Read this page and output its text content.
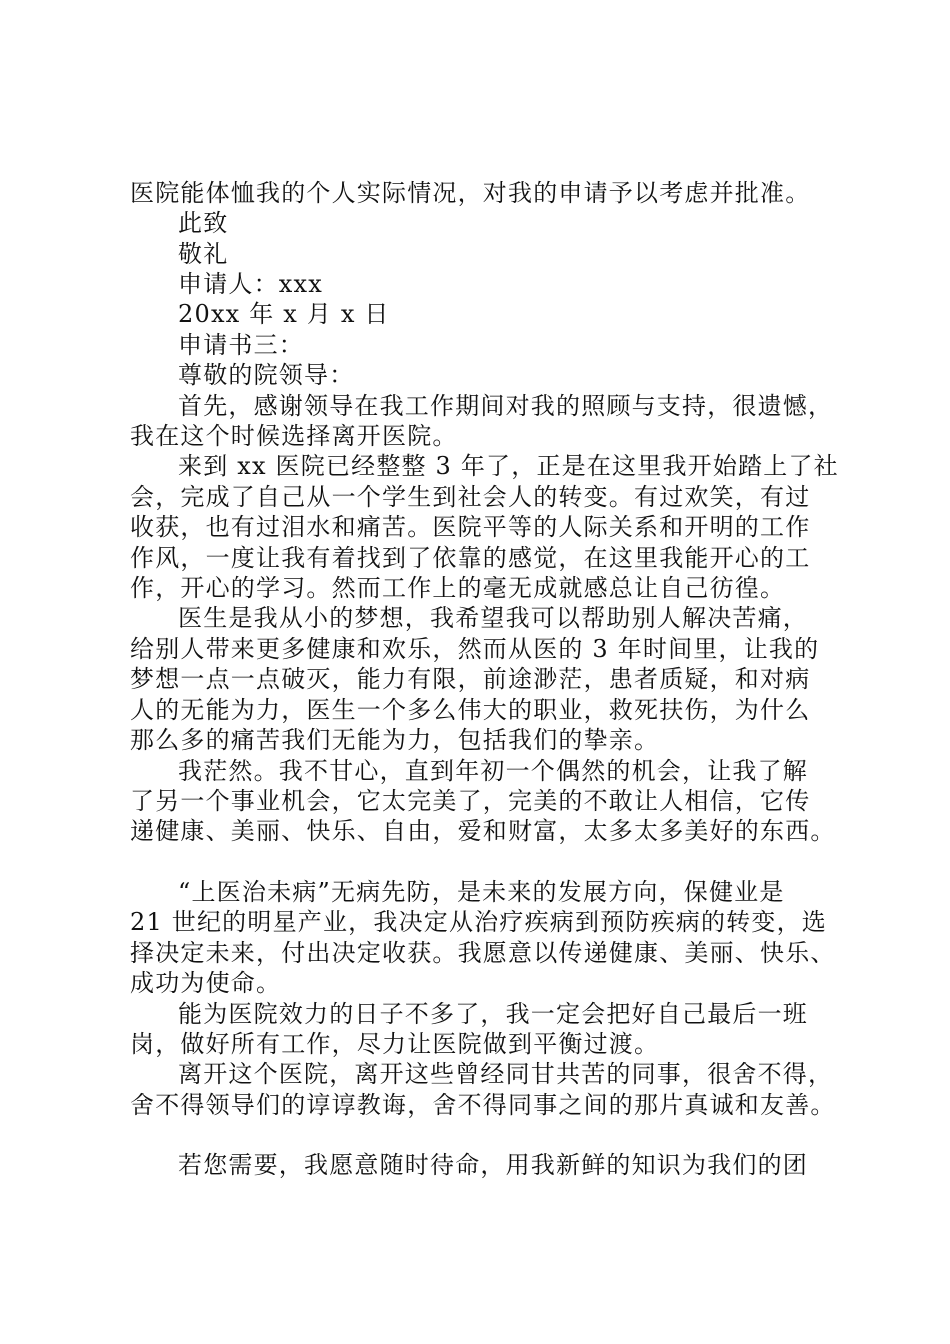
医院能体恤我的个人实际情况，对我的申请予以考虑并批准。
此致
敬礼
申请人：xxx
20xx 年 x 月 x 日
申请书三：
尊敬的院领导：
首先，感谢领导在我工作期间对我的照顾与支持，很遗憾，
我在这个时候选择离开医院。
来到 xx 医院已经整整 3 年了，正是在这里我开始踏上了社
会，完成了自己从一个学生到社会人的转变。有过欢笑，有过
收获，也有过泪水和痛苦。医院平等的人际关系和开明的工作
作风，一度让我有着找到了依靠的感觉，在这里我能开心的工
作，开心的学习。然而工作上的毫无成就感总让自己彷徨。
医生是我从小的梦想，我希望我可以帮助别人解决苦痛，
给别人带来更多健康和欢乐，然而从医的 3 年时间里，让我的
梦想一点一点破灭，能力有限，前途渺茫，患者质疑，和对病
人的无能为力，医生一个多么伟大的职业，救死扶伤，为什么
那么多的痛苦我们无能为力，包括我们的挚亲。
我茫然。我不甘心，直到年初一个偶然的机会，让我了解
了另一个事业机会，它太完美了，完美的不敢让人相信，它传
递健康、美丽、快乐、自由，爱和财富，太多太多美好的东西。
“上医治未病”无病先防，是未来的发展方向，保健业是
21 世纪的明星产业，我决定从治疗疾病到预防疾病的转变，选
择决定未来，付出决定收获。我愿意以传递健康、美丽、快乐、
成功为使命。
能为医院效力的日子不多了，我一定会把好自己最后一班
岗，做好所有工作，尽力让医院做到平衡过渡。
离开这个医院，离开这些曾经同甘共苦的同事，很舍不得，
舍不得领导们的谆谆教诲，舍不得同事之间的那片真诚和友善。
若您需要，我愿意随时待命，用我新鲜的知识为我们的团
